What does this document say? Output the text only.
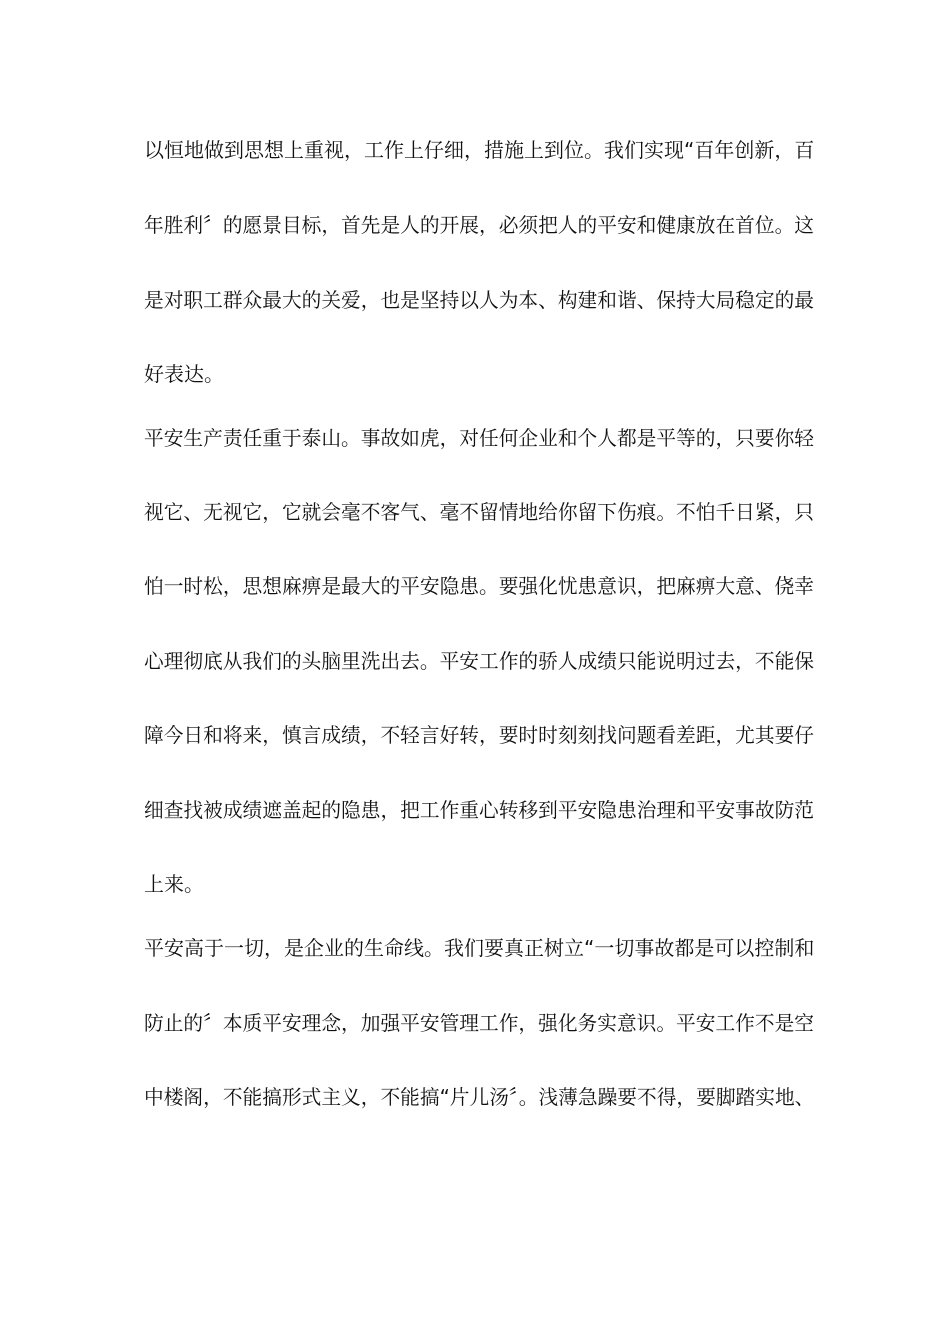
以恒地做到思想上重视，工作上仔细，措施上到位。我们实现“百年创新，百
年胜利〞的愿景目标，首先是人的开展，必须把人的平安和健康放在首位。这
是对职工群众最大的关爱，也是坚持以人为本、构建和谐、保持大局稳定的最
好表达。
平安生产责任重于泰山。事故如虎，对任何企业和个人都是平等的，只要你轻
视它、无视它，它就会毫不客气、毫不留情地给你留下伤痕。不怕千日紧，只
怕一时松，思想麻痹是最大的平安隐患。要强化忧患意识，把麻痹大意、侥幸
心理彻底从我们的头脑里洗出去。平安工作的骄人成绩只能说明过去，不能保
障今日和将来，慎言成绩，不轻言好转，要时时刻刻找问题看差距，尤其要仔
细查找被成绩遮盖起的隐患，把工作重心转移到平安隐患治理和平安事故防范
上来。
平安高于一切，是企业的生命线。我们要真正树立“一切事故都是可以控制和
防止的〞本质平安理念，加强平安管理工作，强化务实意识。平安工作不是空
中楼阁，不能搞形式主义，不能搞“片儿汤〞。浅薄急躁要不得，要脚踏实地、
